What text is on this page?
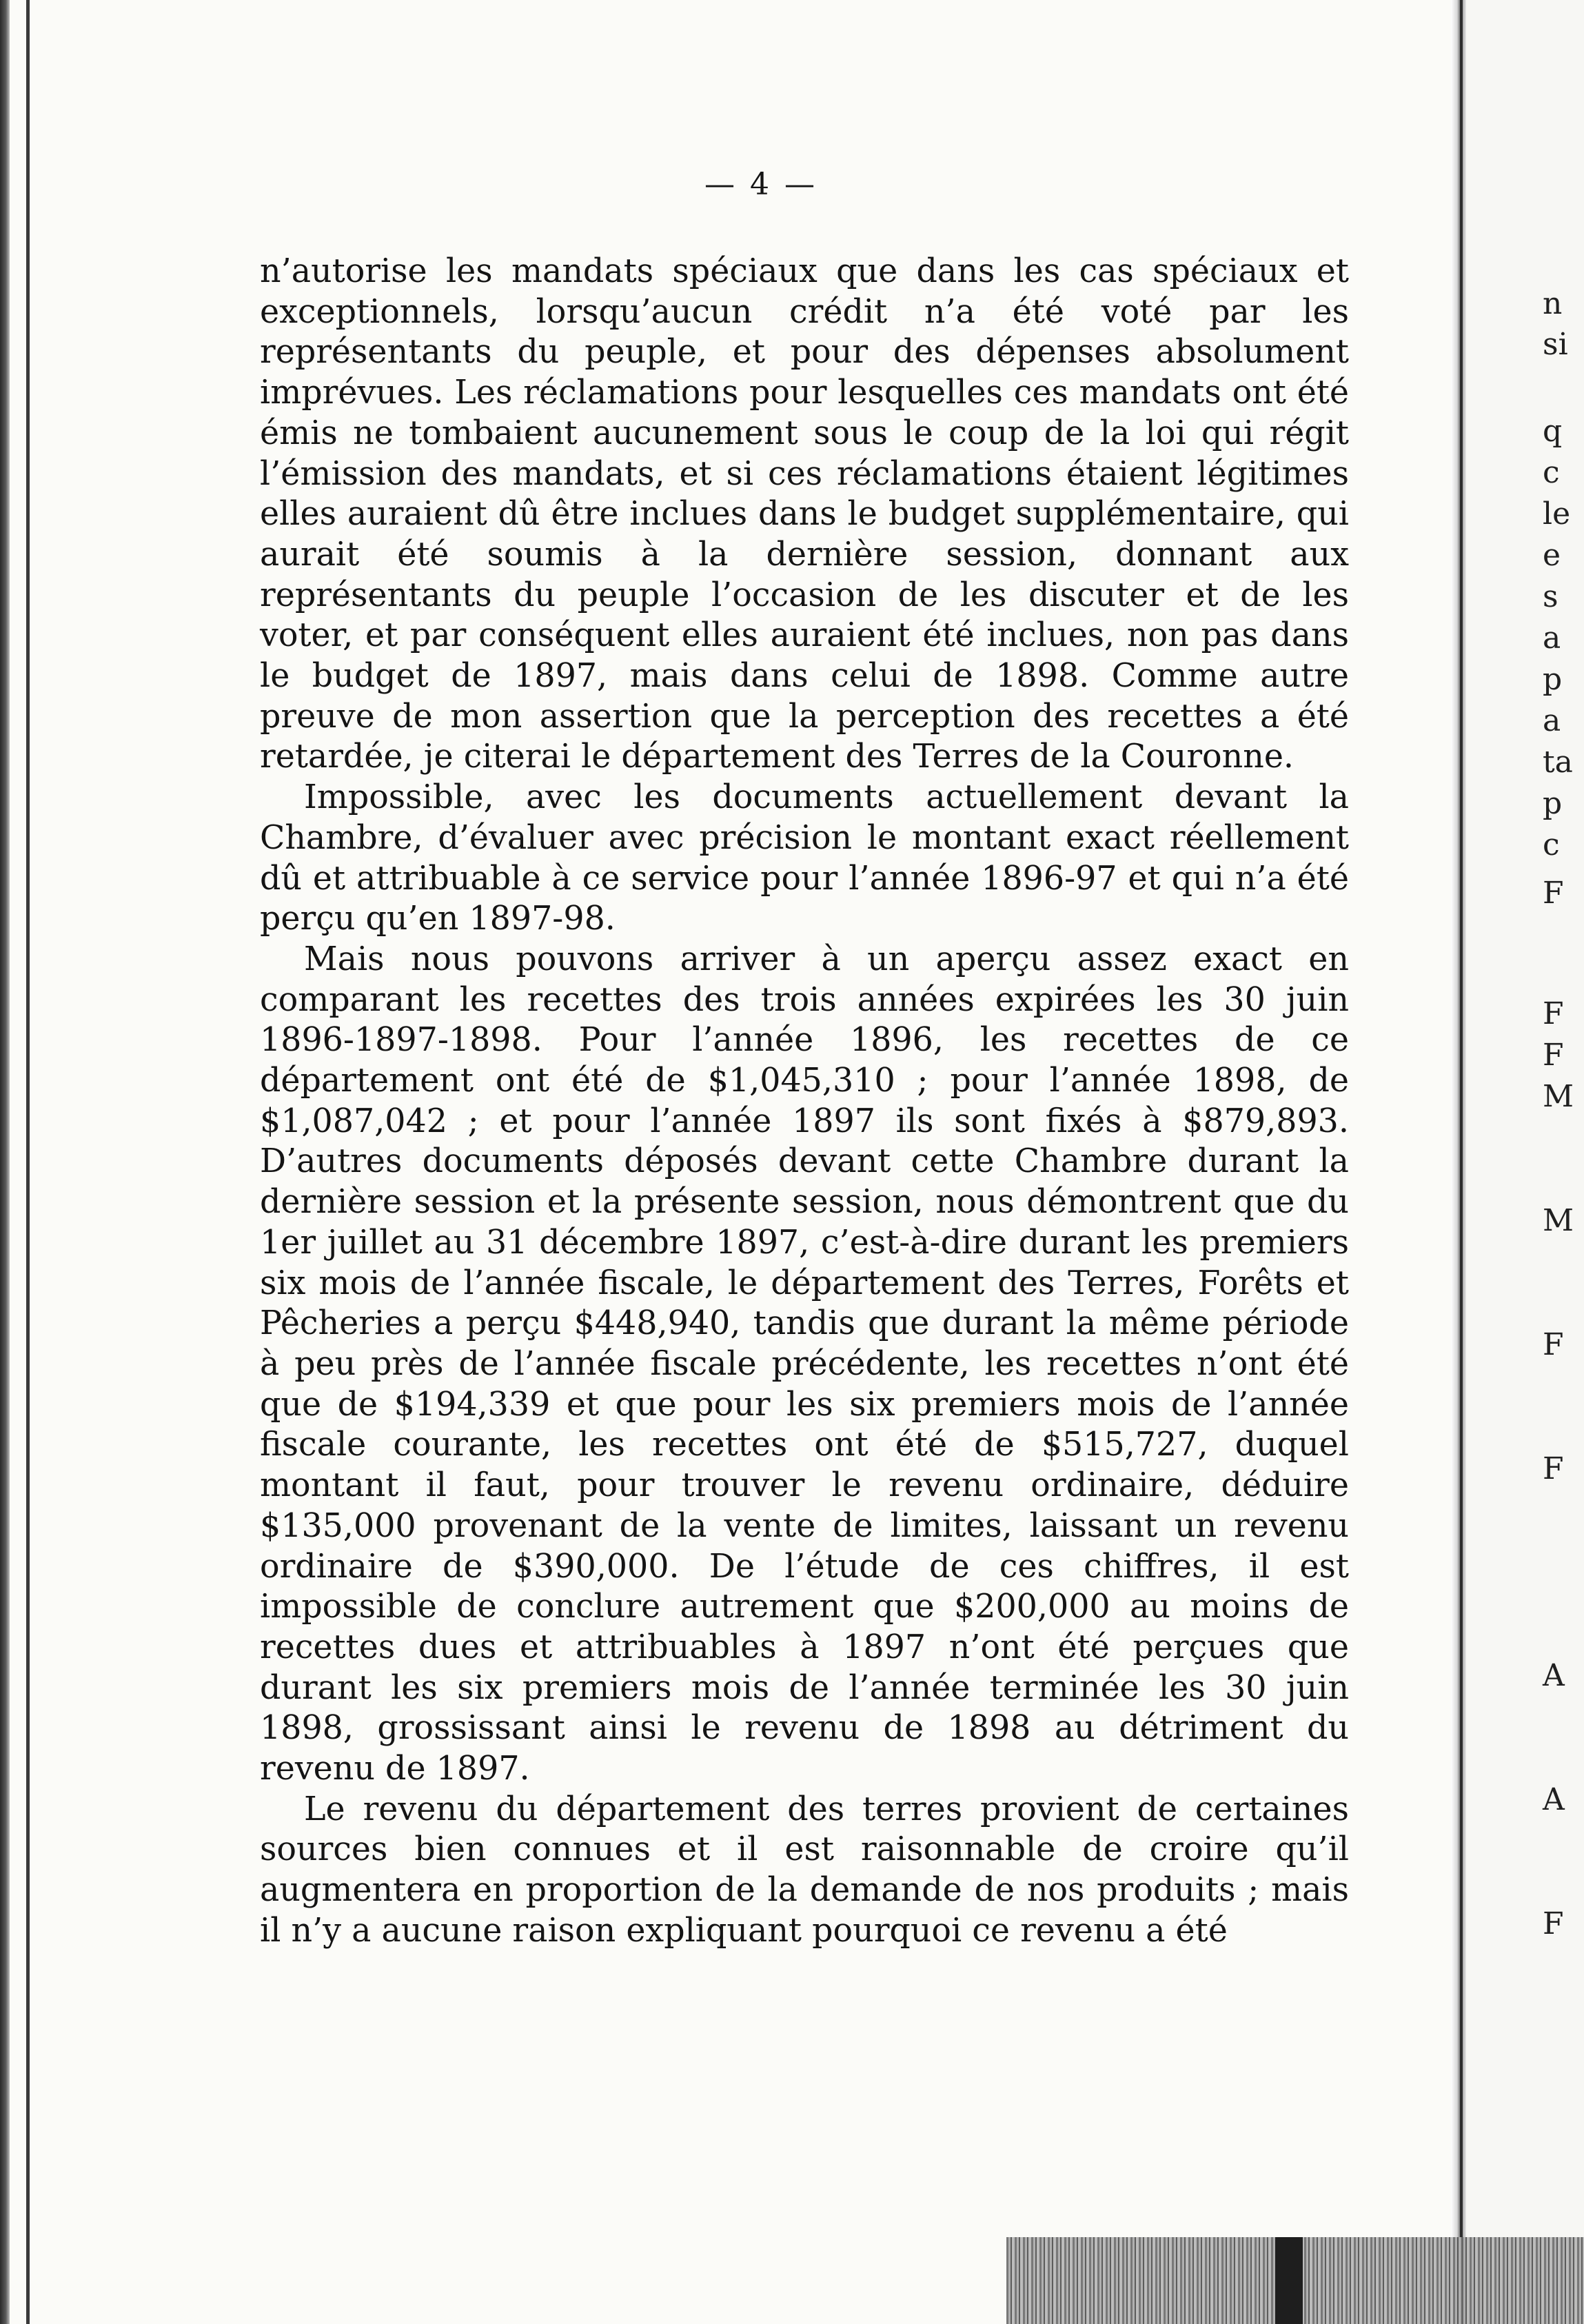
— 4 —

n’autorise les mandats spéciaux que dans les cas spéciaux et exceptionnels, lorsqu’aucun crédit n’a été voté par les représentants du peuple, et pour des dépenses absolument imprévues. Les réclamations pour lesquelles ces mandats ont été émis ne tombaient aucunement sous le coup de la loi qui régit l’émission des mandats, et si ces réclamations étaient légitimes elles auraient dû être inclues dans le budget supplémentaire, qui aurait été soumis à la dernière session, donnant aux représentants du peuple l’occasion de les discuter et de les voter, et par conséquent elles auraient été inclues, non pas dans le budget de 1897, mais dans celui de 1898. Comme autre preuve de mon assertion que la perception des recettes a été retardée, je citerai le département des Terres de la Couronne.

Impossible, avec les documents actuellement devant la Chambre, d’évaluer avec précision le montant exact réellement dû et attribuable à ce service pour l’année 1896-97 et qui n’a été perçu qu’en 1897-98.

Mais nous pouvons arriver à un aperçu assez exact en comparant les recettes des trois années expirées les 30 juin 1896-1897-1898. Pour l’année 1896, les recettes de ce département ont été de $1,045,310 ; pour l’année 1898, de $1,087,042 ; et pour l’année 1897 ils sont fixés à $879,893. D’autres documents déposés devant cette Chambre durant la dernière session et la présente session, nous démontrent que du 1er juillet au 31 décembre 1897, c’est-à-dire durant les premiers six mois de l’année fiscale, le département des Terres, Forêts et Pêcheries a perçu $448,940, tandis que durant la même période à peu près de l’année fiscale précédente, les recettes n’ont été que de $194,339 et que pour les six premiers mois de l’année fiscale courante, les recettes ont été de $515,727, duquel montant il faut, pour trouver le revenu ordinaire, déduire $135,000 provenant de la vente de limites, laissant un revenu ordinaire de $390,000. De l’étude de ces chiffres, il est impossible de conclure autrement que $200,000 au moins de recettes dues et attribuables à 1897 n’ont été perçues que durant les six premiers mois de l’année terminée les 30 juin 1898, grossissant ainsi le revenu de 1898 au détriment du revenu de 1897.

Le revenu du département des terres provient de certaines sources bien connues et il est raisonnable de croire qu’il augmentera en proportion de la demande de nos produits ; mais il n’y a aucune raison expliquant pourquoi ce revenu a été

n
si
q
c
le
e
s
a
p
a
ta
p
c
F
F
F
M
M
F
F
A
A
F
